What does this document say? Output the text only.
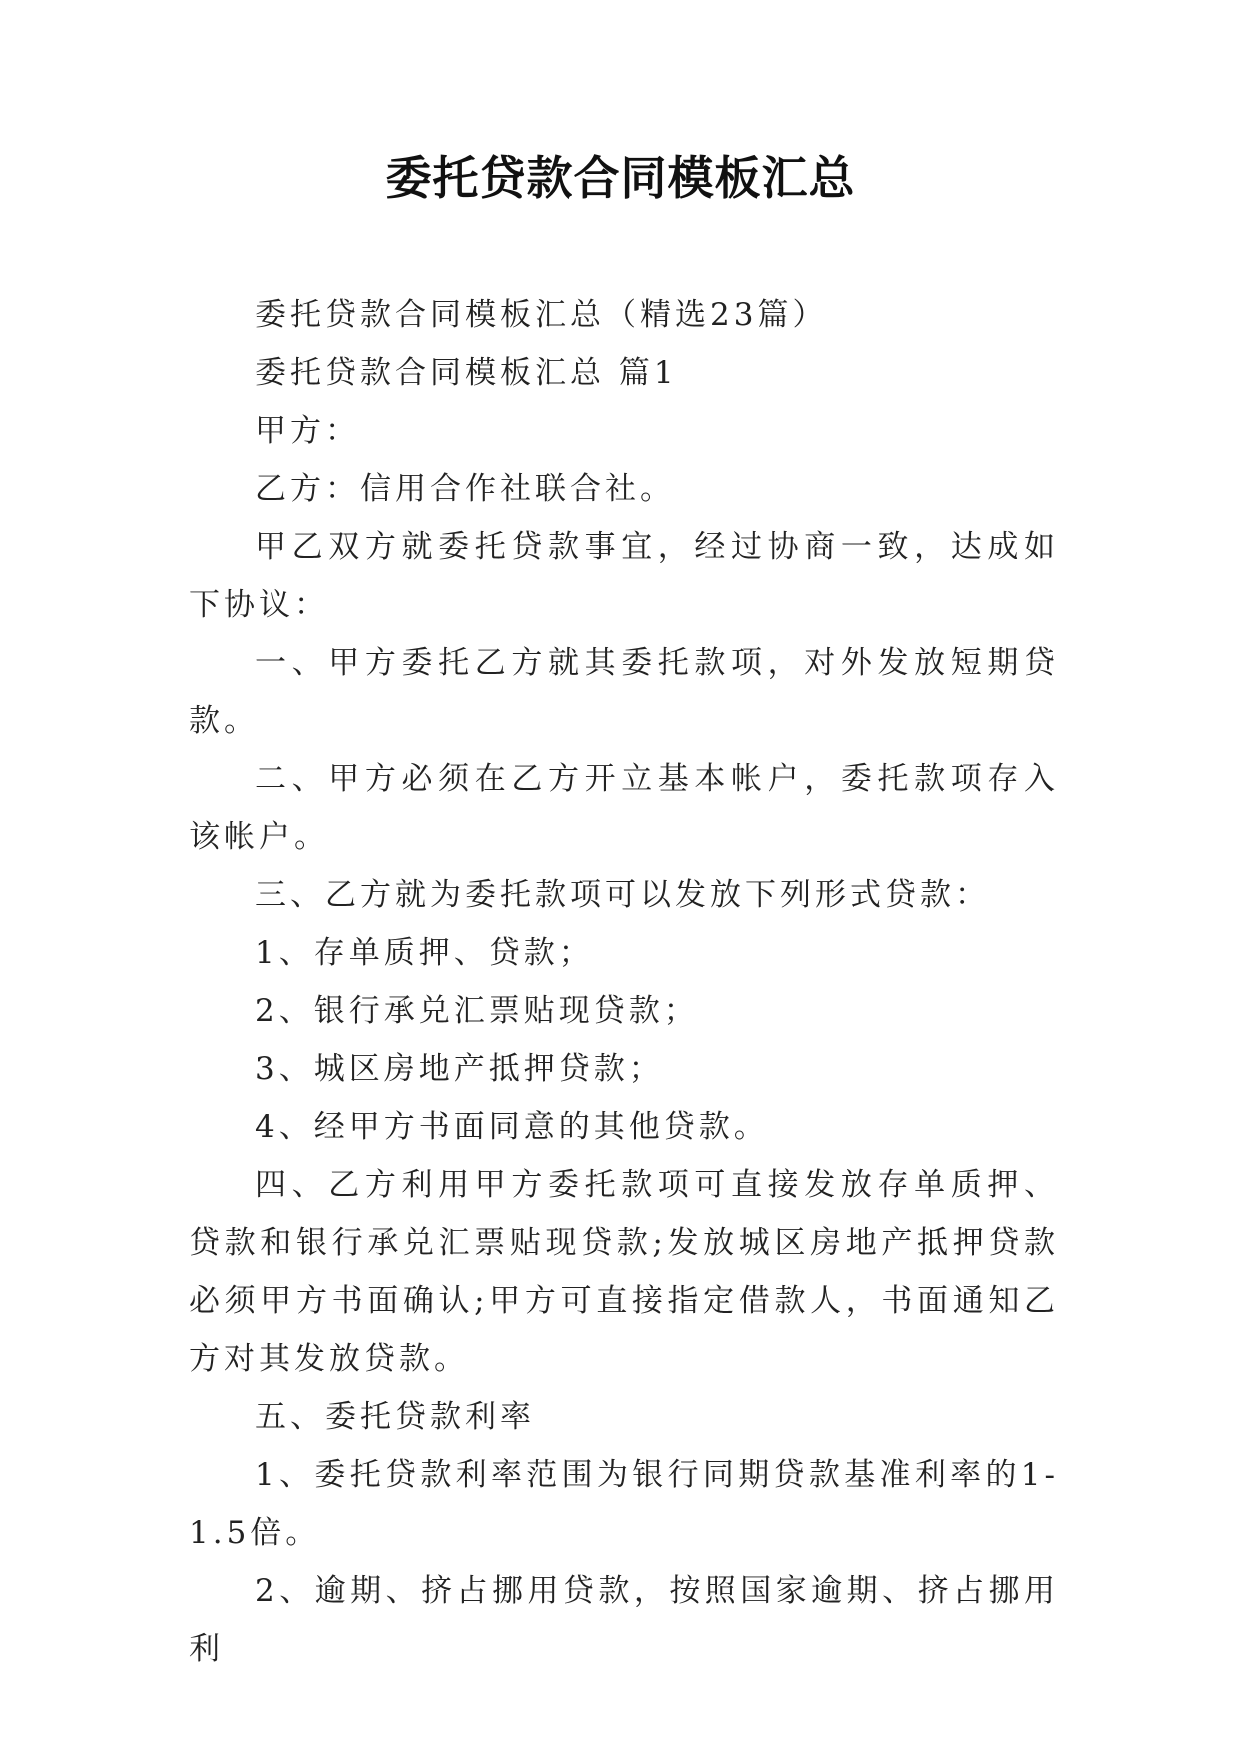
委托贷款合同模板汇总

委托贷款合同模板汇总（精选23篇）

委托贷款合同模板汇总 篇1

甲方：

乙方：信用合作社联合社。

甲乙双方就委托贷款事宜，经过协商一致，达成如下协议：

一、甲方委托乙方就其委托款项，对外发放短期贷款。

二、甲方必须在乙方开立基本帐户，委托款项存入该帐户。

三、乙方就为委托款项可以发放下列形式贷款：

1、存单质押、贷款；

2、银行承兑汇票贴现贷款；

3、城区房地产抵押贷款；

4、经甲方书面同意的其他贷款。

四、乙方利用甲方委托款项可直接发放存单质押、贷款和银行承兑汇票贴现贷款;发放城区房地产抵押贷款必须甲方书面确认;甲方可直接指定借款人，书面通知乙方对其发放贷款。

五、委托贷款利率

1、委托贷款利率范围为银行同期贷款基准利率的1-1.5倍。

2、逾期、挤占挪用贷款，按照国家逾期、挤占挪用利
